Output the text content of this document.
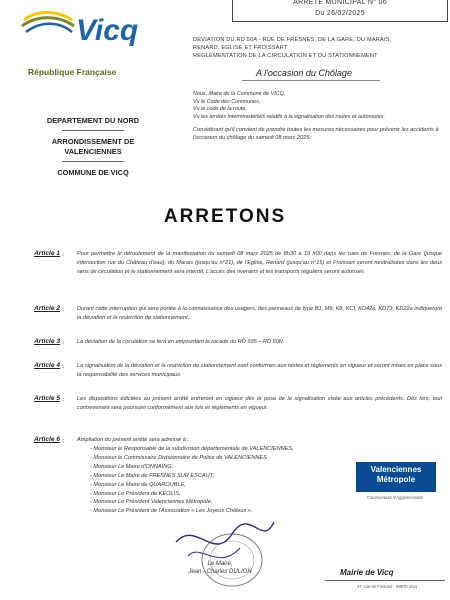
ARRETE MUNICIPAL N° 06
Du 26/02/2025
Vicq
République Française
DEVIATION DU RD 50A - RUE DE FRESNES, DE LA GARE, DU MARAIS,
RENARD, EGLISE ET FROISSART
REGLEMENTATION DE LA CIRCULATION ET DU STATIONNEMENT
A l'occasion du Chôlage
DEPARTEMENT DU NORD
ARRONDISSEMENT DE
VALENCIENNES
COMMUNE DE VICQ
Nous, Maire de la Commune de VICQ,
Vu le Code des Communes,
Vu le code de la route,
Vu les arrêtés interministériels relatifs à la signalisation des routes et autoroutes.
Considérant qu'il convient de prendre toutes les mesures nécessaires pour prévenir les accidents à l'occasion du chôlage du samedi 08 mars 2025.
ARRETONS
Article 1 : Pour permettre le déroulement de la manifestation du samedi 08 mars 2025 de 8h30 à 19 h00 dans les rues de Fresnes, de la Gare (jusque intersection rue du Château d'eau), du Marais (jusqu'au n°21), de l'Eglise, Renard (jusqu'au n°15) et Froissart seront neutralisées dans les deux sens de circulation et le stationnement sera interdit. L'accès des riverains et les transports réguliers seront autorisés.
Article 2 : Durant cette interruption qui sera portée à la connaissance des usagers, des panneaux de type B1, M9, K8, KCI, KD42a, KD73, KD22a indiqueront la déviation et la restriction de stationnement.
Article 3 : La déviation de la circulation se fera en empruntant la rocade du RD 935 – RD 50N.
Article 4 : La signalisation de la déviation et la restriction de stationnement sont conformes aux textes et règlements en vigueur et seront mises en place sous la responsabilité des services municipaux.
Article 5 : Les dispositions édictées au présent arrêté entreront en vigueur dès la pose de la signalisation visée aux articles précédents. Dès lors, tout contrevenant sera poursuivi conformément aux lois et règlements en vigueur.
Article 6 : Ampliation du présent arrêté sera adressé à :
- Monsieur le Responsable de la subdivision départementale de VALENCIENNES,
- Monsieur le Commissaire Divisionnaire de Police de VALENCIENNES
- Monsieur Le Maire d'ONNAING,
- Monsieur Le Maire de FRESNES SUR ESCAUT,
- Monsieur Le Maire de QUAROUBLE,
- Monsieur Le Président de KEOLIS,
- Monsieur Le Président Valenciennes Métropole,
- Monsieur Le Président de l'Association « Les Joyeux Chôleux ».
Valenciennes
Métropole
Communauté d'Agglomération
Le Maire,
Jean - Charles DULION	Mairie de Vicq
27, rue de Fresnes - 59970 Vicq
